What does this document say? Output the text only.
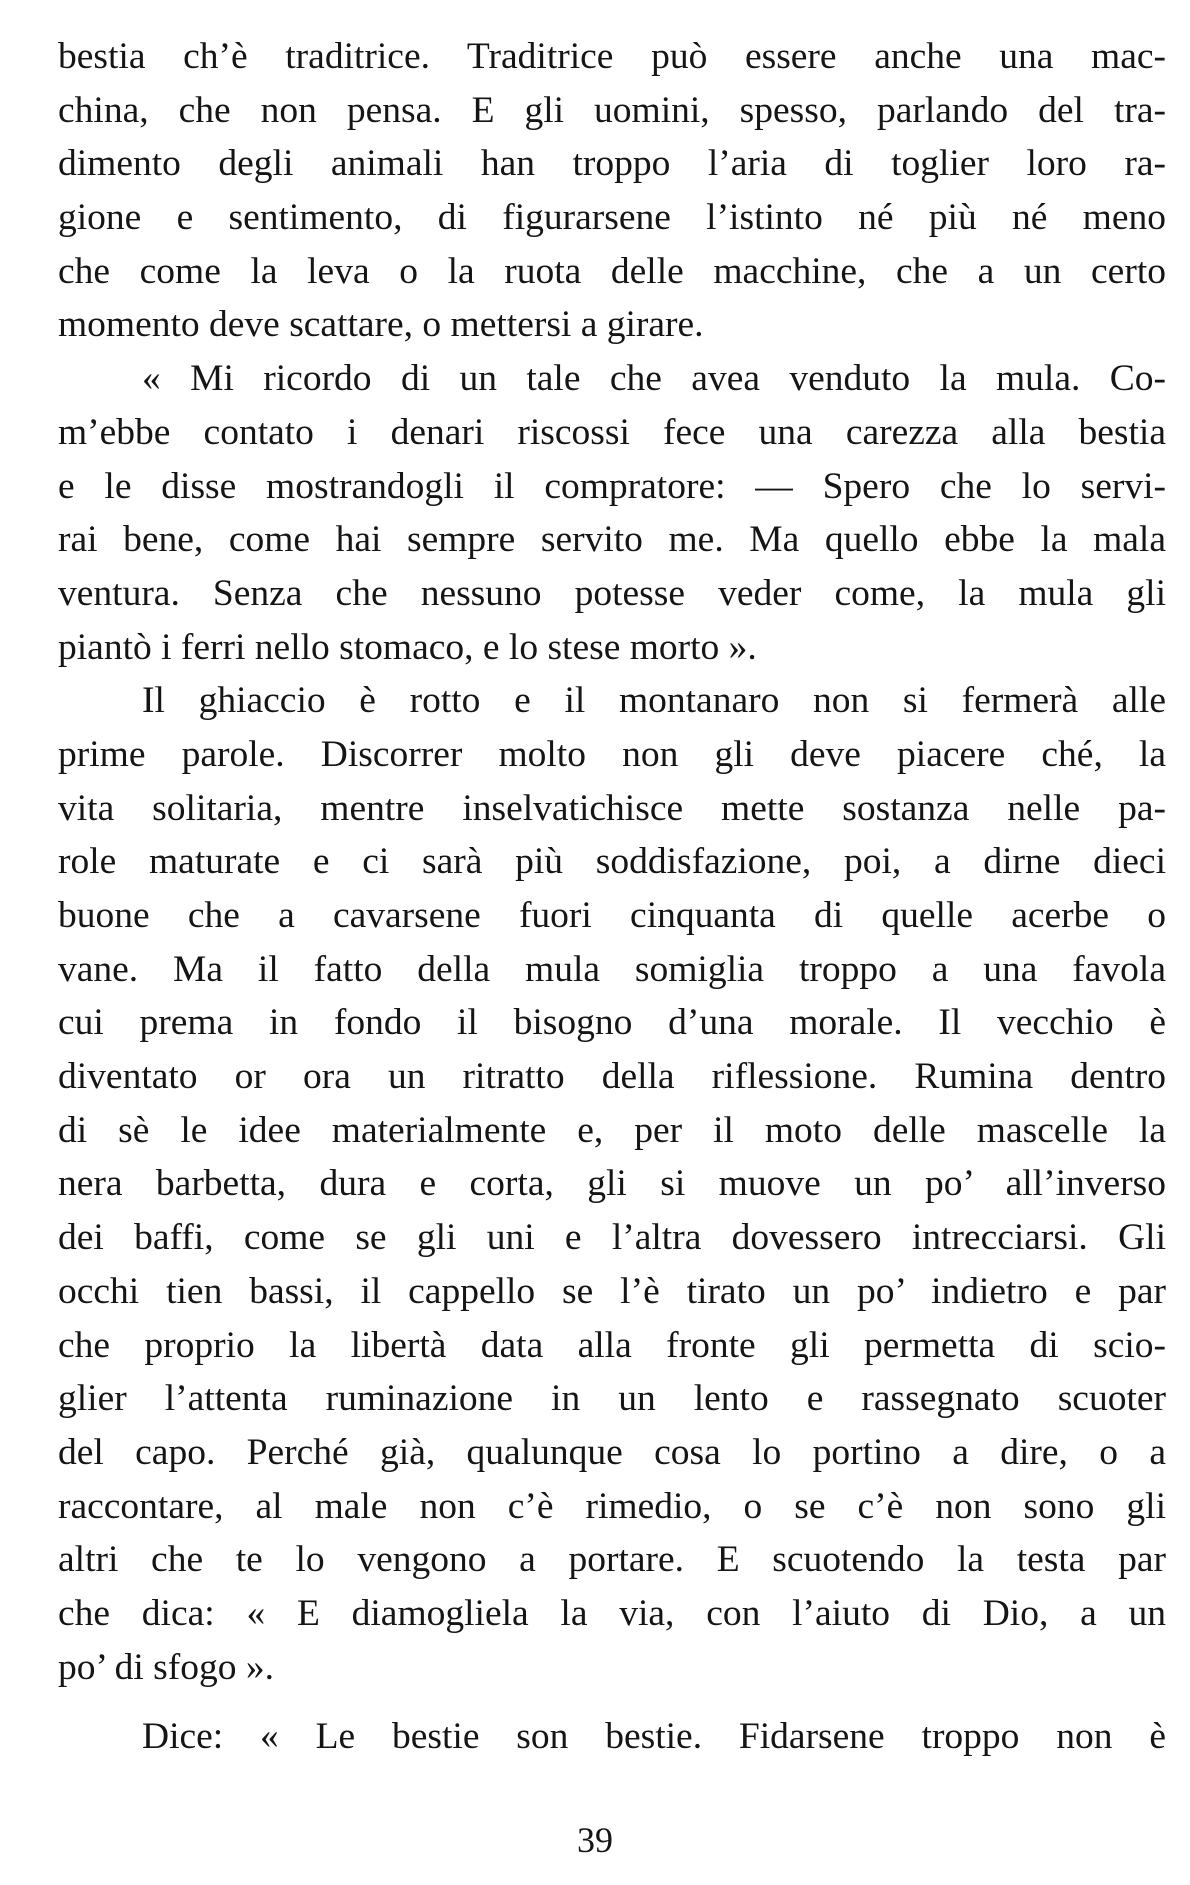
bestia ch’è traditrice. Traditrice può essere anche una mac-
china, che non pensa. E gli uomini, spesso, parlando del tra-
dimento degli animali han troppo l’aria di toglier loro ra-
gione e sentimento, di figurarsene l’istinto né più né meno
che come la leva o la ruota delle macchine, che a un certo
momento deve scattare, o mettersi a girare.
« Mi ricordo di un tale che avea venduto la mula. Co-
m’ebbe contato i denari riscossi fece una carezza alla bestia
e le disse mostrandogli il compratore: — Spero che lo servi-
rai bene, come hai sempre servito me. Ma quello ebbe la mala
ventura. Senza che nessuno potesse veder come, la mula gli
piantò i ferri nello stomaco, e lo stese morto ».
Il ghiaccio è rotto e il montanaro non si fermerà alle
prime parole. Discorrer molto non gli deve piacere ché, la
vita solitaria, mentre inselvatichisce mette sostanza nelle pa-
role maturate e ci sarà più soddisfazione, poi, a dirne dieci
buone che a cavarsene fuori cinquanta di quelle acerbe o
vane. Ma il fatto della mula somiglia troppo a una favola
cui prema in fondo il bisogno d’una morale. Il vecchio è
diventato or ora un ritratto della riflessione. Rumina dentro
di sè le idee materialmente e, per il moto delle mascelle la
nera barbetta, dura e corta, gli si muove un po’ all’inverso
dei baffi, come se gli uni e l’altra dovessero intrecciarsi. Gli
occhi tien bassi, il cappello se l’è tirato un po’ indietro e par
che proprio la libertà data alla fronte gli permetta di scio-
glier l’attenta ruminazione in un lento e rassegnato scuoter
del capo. Perché già, qualunque cosa lo portino a dire, o a
raccontare, al male non c’è rimedio, o se c’è non sono gli
altri che te lo vengono a portare. E scuotendo la testa par
che dica: « E diamogliela la via, con l’aiuto di Dio, a un
po’ di sfogo ».
Dice: « Le bestie son bestie. Fidarsene troppo non è
39
